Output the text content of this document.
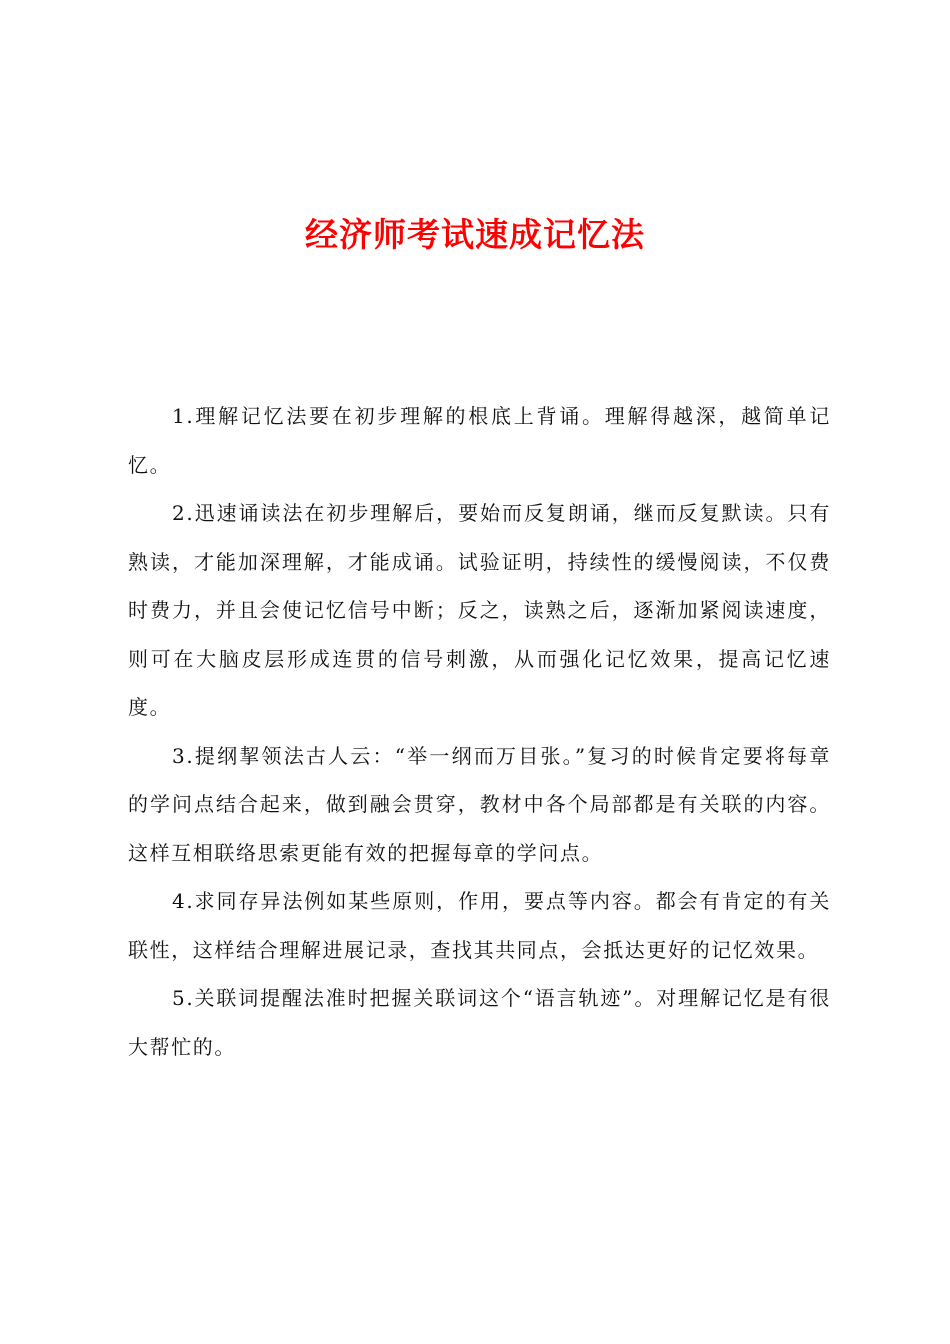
经济师考试速成记忆法

1.理解记忆法要在初步理解的根底上背诵。理解得越深，越简单记忆。

2.迅速诵读法在初步理解后，要始而反复朗诵，继而反复默读。只有熟读，才能加深理解，才能成诵。试验证明，持续性的缓慢阅读，不仅费时费力，并且会使记忆信号中断；反之，读熟之后，逐渐加紧阅读速度，则可在大脑皮层形成连贯的信号刺激，从而强化记忆效果，提高记忆速度。

3.提纲挈领法古人云：“举一纲而万目张。”复习的时候肯定要将每章的学问点结合起来，做到融会贯穿，教材中各个局部都是有关联的内容。这样互相联络思索更能有效的把握每章的学问点。

4.求同存异法例如某些原则，作用，要点等内容。都会有肯定的有关联性，这样结合理解进展记录，查找其共同点，会抵达更好的记忆效果。

5.关联词提醒法准时把握关联词这个“语言轨迹”。对理解记忆是有很大帮忙的。
